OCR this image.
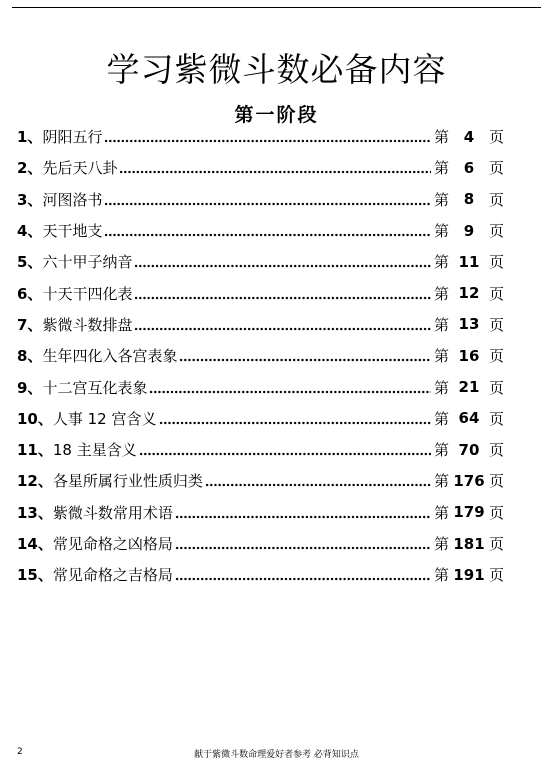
学习紫微斗数必备内容
第一阶段
1、 阴阳五行	第 4 页
2、 先后天八卦	第 6 页
3、 河图洛书	第 8 页
4、 天干地支	第 9 页
5、 六十甲子纳音	第 11 页
6、 十天干四化表	第 12 页
7、 紫微斗数排盘	第 13 页
8、 生年四化入各宫表象	第 16 页
9、 十二宫互化表象	第 21 页
10、 人事 12 宫含义	第 64 页
11、 18 主星含义	第 70 页
12、 各星所属行业性质归类	第 176 页
13、 紫微斗数常用术语	第 179 页
14、 常见命格之凶格局	第 181 页
15、 常见命格之吉格局	第 191 页
2	献于紫微斗数命理爱好者参考 必背知识点
